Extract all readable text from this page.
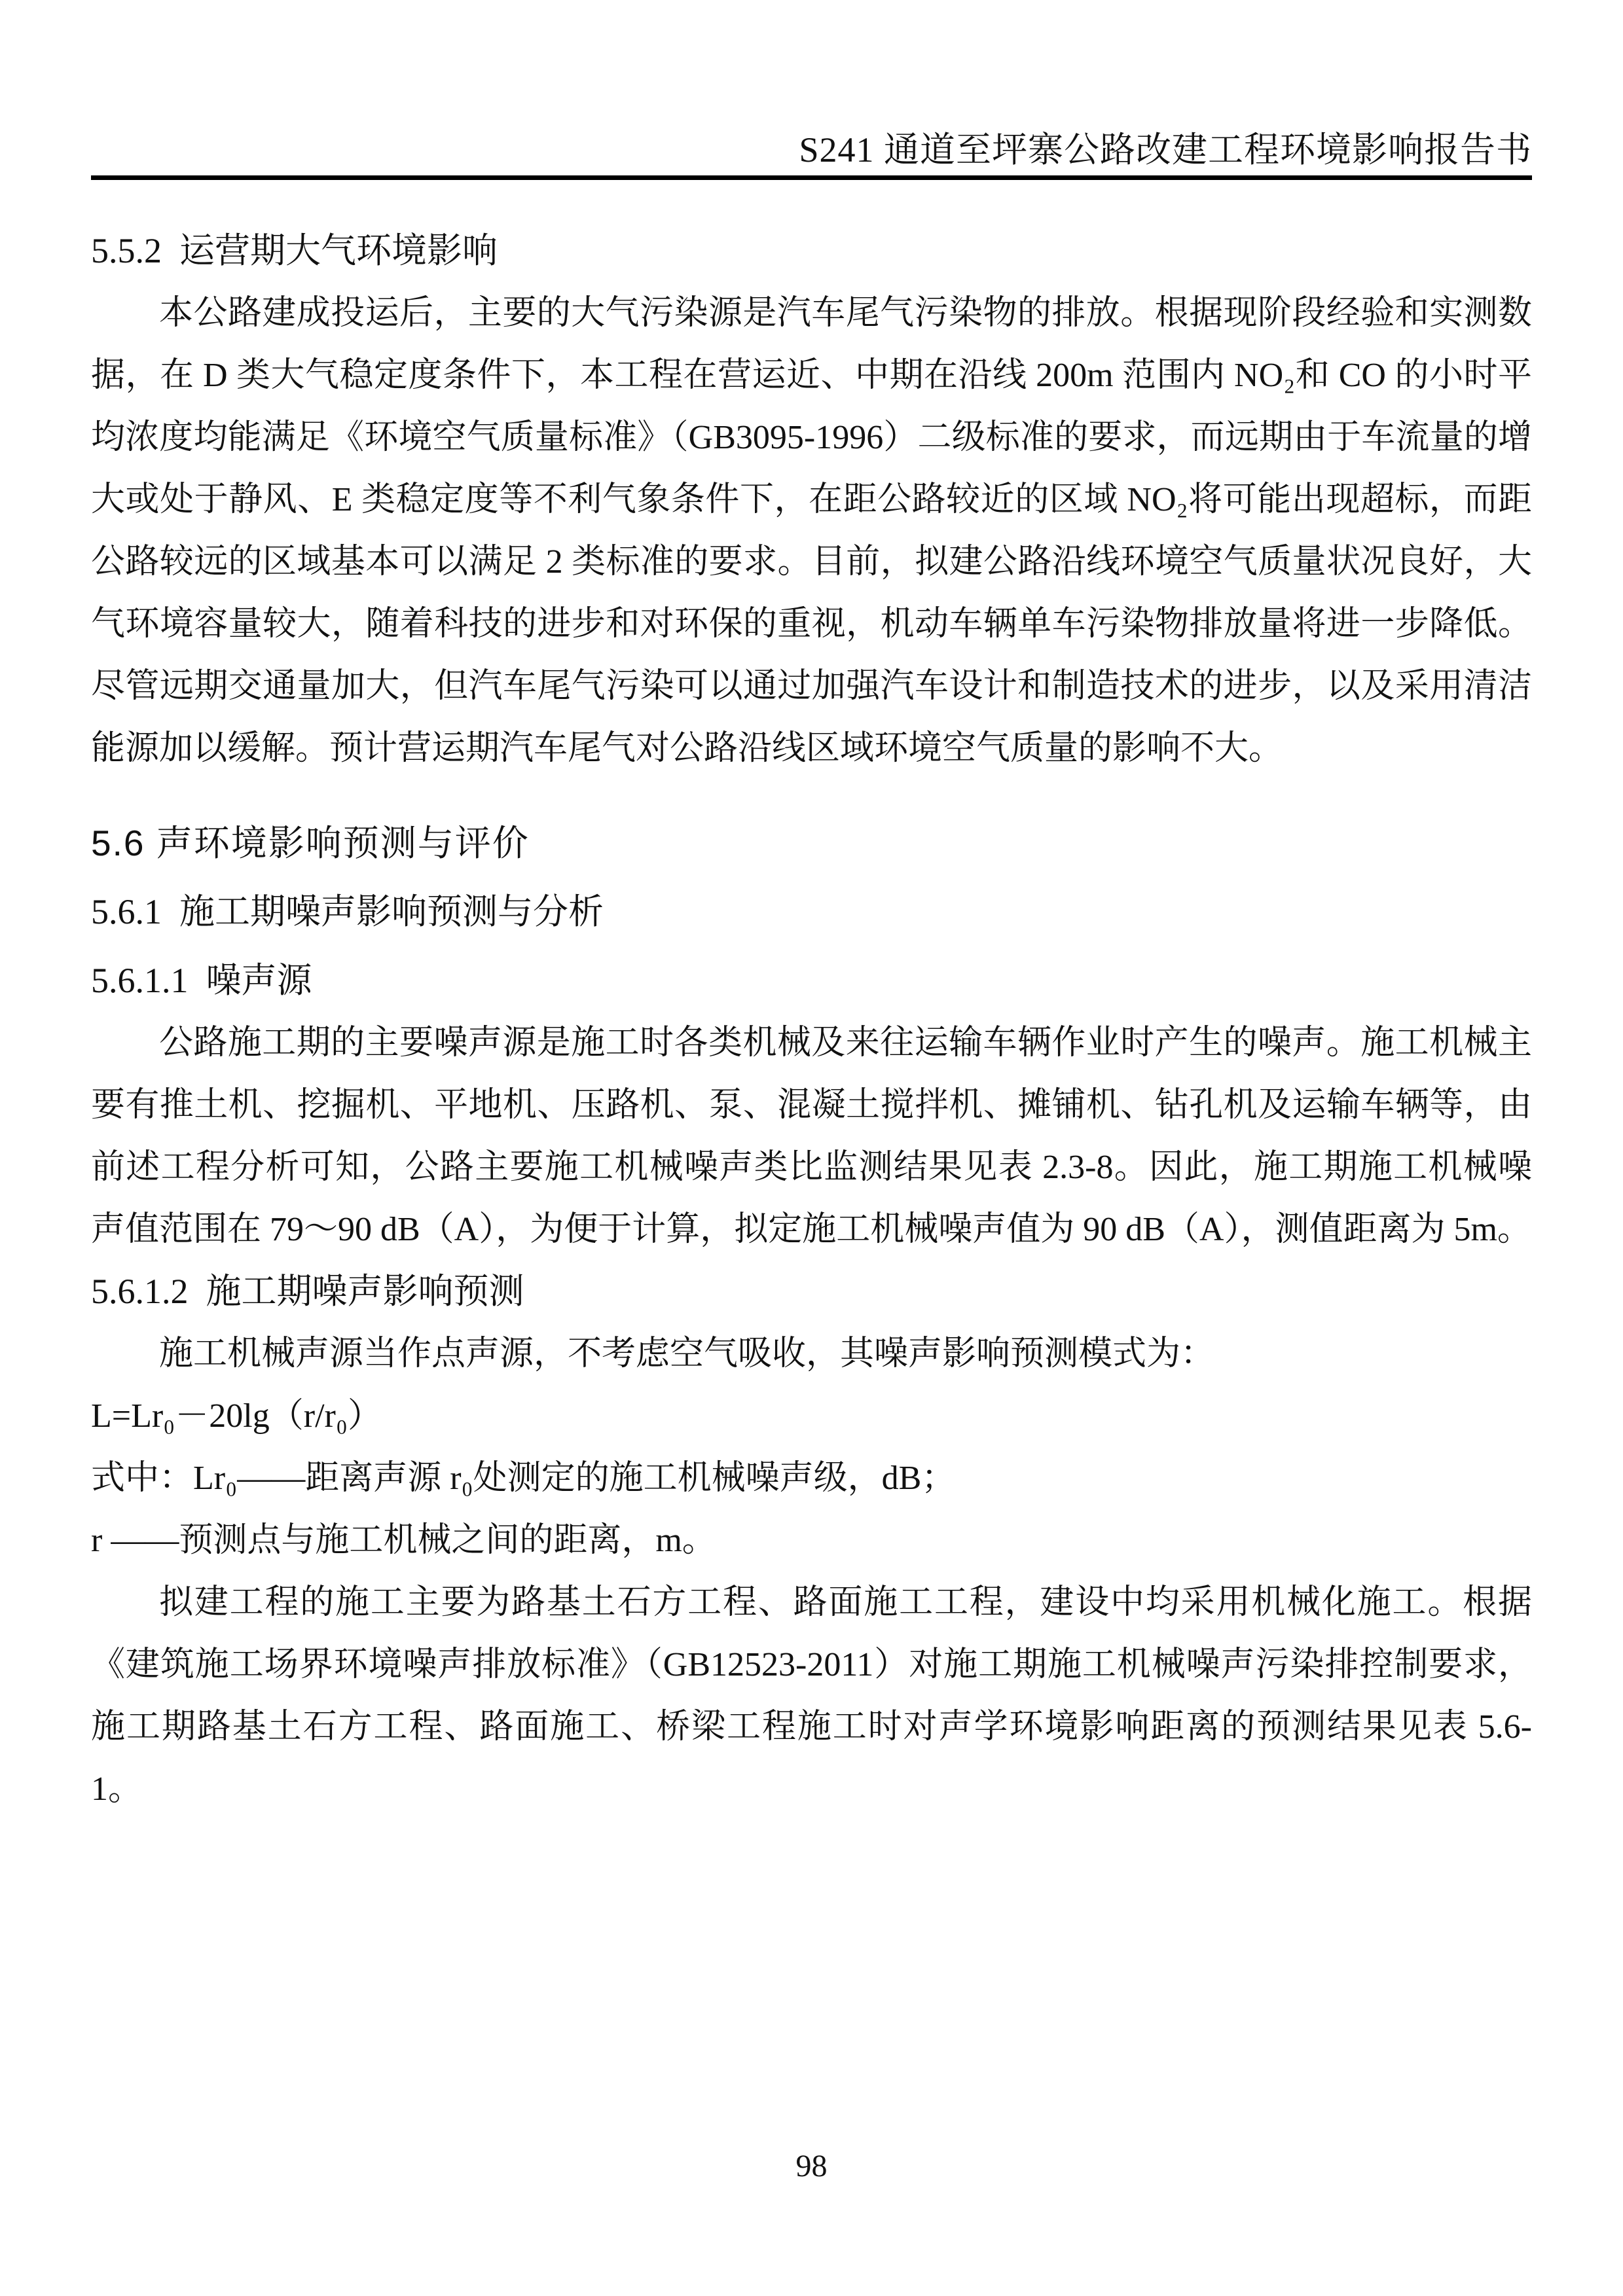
S241 通道至坪寨公路改建工程环境影响报告书
5.5.2  运营期大气环境影响

本公路建成投运后，主要的大气污染源是汽车尾气污染物的排放。根据现阶段经验和实测数据，在 D 类大气稳定度条件下，本工程在营运近、中期在沿线 200m 范围内 NO₂和 CO 的小时平均浓度均能满足《环境空气质量标准》（GB3095-1996）二级标准的要求，而远期由于车流量的增大或处于静风、E 类稳定度等不利气象条件下，在距公路较近的区域 NO₂将可能出现超标，而距公路较远的区域基本可以满足 2 类标准的要求。目前，拟建公路沿线环境空气质量状况良好，大气环境容量较大，随着科技的进步和对环保的重视，机动车辆单车污染物排放量将进一步降低。尽管远期交通量加大，但汽车尾气污染可以通过加强汽车设计和制造技术的进步，以及采用清洁能源加以缓解。预计营运期汽车尾气对公路沿线区域环境空气质量的影响不大。

5.6 声环境影响预测与评价
5.6.1  施工期噪声影响预测与分析
5.6.1.1  噪声源

公路施工期的主要噪声源是施工时各类机械及来往运输车辆作业时产生的噪声。施工机械主要有推土机、挖掘机、平地机、压路机、泵、混凝土搅拌机、摊铺机、钻孔机及运输车辆等，由前述工程分析可知，公路主要施工机械噪声类比监测结果见表 2.3-8。因此，施工期施工机械噪声值范围在 79～90 dB（A），为便于计算，拟定施工机械噪声值为 90 dB（A），测值距离为 5m。

5.6.1.2  施工期噪声影响预测

施工机械声源当作点声源，不考虑空气吸收，其噪声影响预测模式为：

L=Lr₀－20lg（r/r₀）

式中：Lr₀——距离声源 r₀处测定的施工机械噪声级，dB；

r ——预测点与施工机械之间的距离，m。

拟建工程的施工主要为路基土石方工程、路面施工工程，建设中均采用机械化施工。根据《建筑施工场界环境噪声排放标准》（GB12523-2011）对施工期施工机械噪声污染排控制要求，施工期路基土石方工程、路面施工、桥梁工程施工时对声学环境影响距离的预测结果见表 5.6-1。

98
